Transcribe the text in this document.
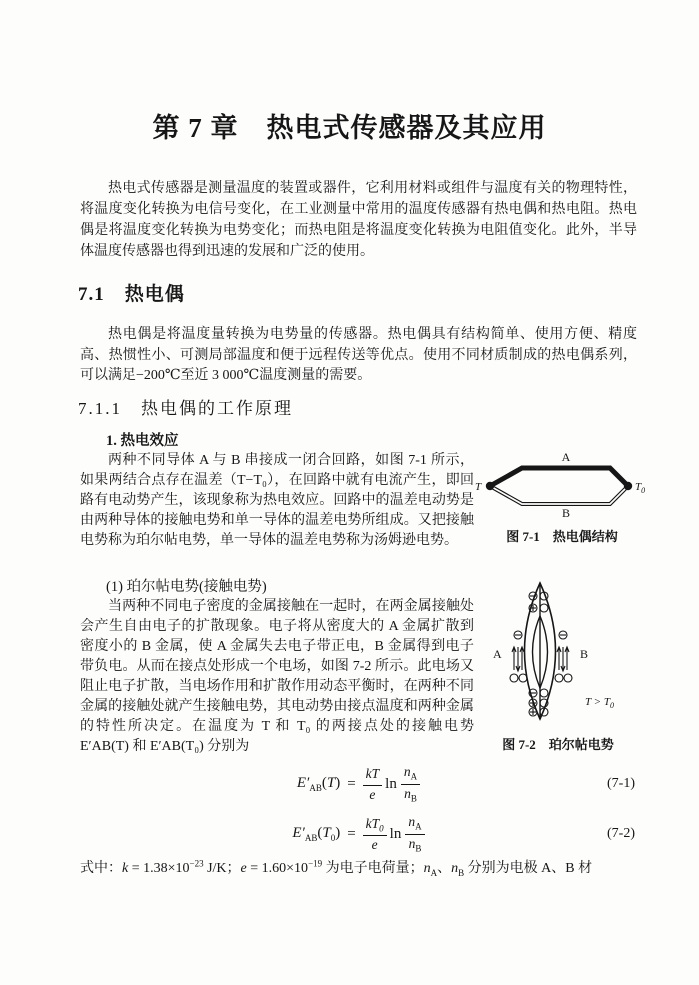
第 7 章　热电式传感器及其应用

热电式传感器是测量温度的装置或器件，它利用材料或组件与温度有关的物理特性，将温度变化转换为电信号变化，在工业测量中常用的温度传感器有热电偶和热电阻。热电偶是将温度变化转换为电势变化；而热电阻是将温度变化转换为电阻值变化。此外，半导体温度传感器也得到迅速的发展和广泛的使用。

7.1　热电偶

热电偶是将温度量转换为电势量的传感器。热电偶具有结构简单、使用方便、精度高、热惯性小、可测局部温度和便于远程传送等优点。使用不同材质制成的热电偶系列，可以满足−200℃至近 3 000℃温度测量的需要。

7.1.1　热电偶的工作原理
1. 热电效应

两种不同导体 A 与 B 串接成一闭合回路，如图 7-1 所示，如果两结合点存在温差（T−T₀），在回路中就有电流产生，即回路有电动势产生，该现象称为热电效应。回路中的温差电动势是由两种导体的接触电势和单一导体的温差电势所组成。又把接触电势称为珀尔帖电势，单一导体的温差电势称为汤姆逊电势。

A
B
T	$T_0$
图 7-1　热电偶结构
(1) 珀尔帖电势(接触电势)

当两种不同电子密度的金属接触在一起时，在两金属接触处会产生自由电子的扩散现象。电子将从密度大的 A 金属扩散到密度小的 B 金属，使 A 金属失去电子带正电，B 金属得到电子带负电。从而在接点处形成一个电场，如图 7-2 所示。此电场又阻止电子扩散，当电场作用和扩散作用动态平衡时，在两种不同金属的接触处就产生接触电势，其电动势由接点温度和两种金属的特性所决定。在温度为 T 和 T₀ 的两接点处的接触电势 E′AB(T) 和 E′AB(T₀) 分别为

A	B
$T > T_0$
图 7-2　珀尔帖电势
$E'_{AB}(T) = \frac{kT}{e}$ $\ln \frac{n_A}{n_B}$	(7-1)
$E'_{AB}(T_0) = \frac{kT_0}{e}$ $\ln \frac{n_A}{n_B}$	(7-2)
式中：$k = 1.38\times 10^{-23}$ J/K；$e = 1.60\times 10^{-19}$ 为电子电荷量；$n_A$、$n_B$ 分别为电极 A、B 材
